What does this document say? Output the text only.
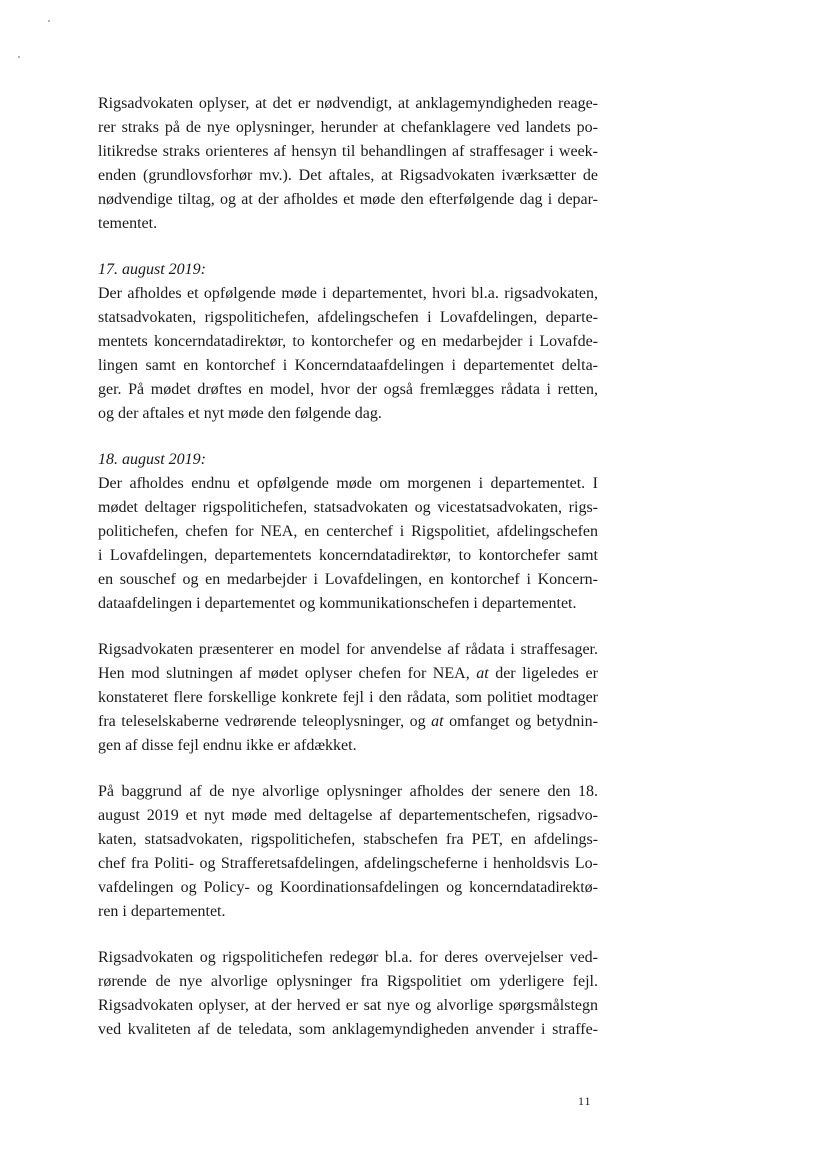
Rigsadvokaten oplyser, at det er nødvendigt, at anklagemyndigheden reage-
rer straks på de nye oplysninger, herunder at chefanklagere ved landets po-
litikredse straks orienteres af hensyn til behandlingen af straffesager i week-
enden (grundlovsforhør mv.). Det aftales, at Rigsadvokaten iværksætter de
nødvendige tiltag, og at der afholdes et møde den efterfølgende dag i depar-
tementet.
17. august 2019:
Der afholdes et opfølgende møde i departementet, hvori bl.a. rigsadvokaten,
statsadvokaten, rigspolitichefen, afdelingschefen i Lovafdelingen, departe-
mentets koncerndatadirektør, to kontorchefer og en medarbejder i Lovafde-
lingen samt en kontorchef i Koncerndataafdelingen i departementet delta-
ger. På mødet drøftes en model, hvor der også fremlægges rådata i retten,
og der aftales et nyt møde den følgende dag.
18. august 2019:
Der afholdes endnu et opfølgende møde om morgenen i departementet. I
mødet deltager rigspolitichefen, statsadvokaten og vicestatsadvokaten, rigs-
politichefen, chefen for NEA, en centerchef i Rigspolitiet, afdelingschefen
i Lovafdelingen, departementets koncerndatadirektør, to kontorchefer samt
en souschef og en medarbejder i Lovafdelingen, en kontorchef i Koncern-
dataafdelingen i departementet og kommunikationschefen i departementet.
Rigsadvokaten præsenterer en model for anvendelse af rådata i straffesager.
Hen mod slutningen af mødet oplyser chefen for NEA, at der ligeledes er
konstateret flere forskellige konkrete fejl i den rådata, som politiet modtager
fra teleselskaberne vedrørende teleoplysninger, og at omfanget og betydnin-
gen af disse fejl endnu ikke er afdækket.
På baggrund af de nye alvorlige oplysninger afholdes der senere den 18.
august 2019 et nyt møde med deltagelse af departementschefen, rigsadvo-
katen, statsadvokaten, rigspolitichefen, stabschefen fra PET, en afdelings-
chef fra Politi- og Strafferetsafdelingen, afdelingscheferne i henholdsvis Lo-
vafdelingen og Policy- og Koordinationsafdelingen og koncerndatadirektø-
ren i departementet.
Rigsadvokaten og rigspolitichefen redegør bl.a. for deres overvejelser ved-
rørende de nye alvorlige oplysninger fra Rigspolitiet om yderligere fejl.
Rigsadvokaten oplyser, at der herved er sat nye og alvorlige spørgsmålstegn
ved kvaliteten af de teledata, som anklagemyndigheden anvender i straffe-
11
